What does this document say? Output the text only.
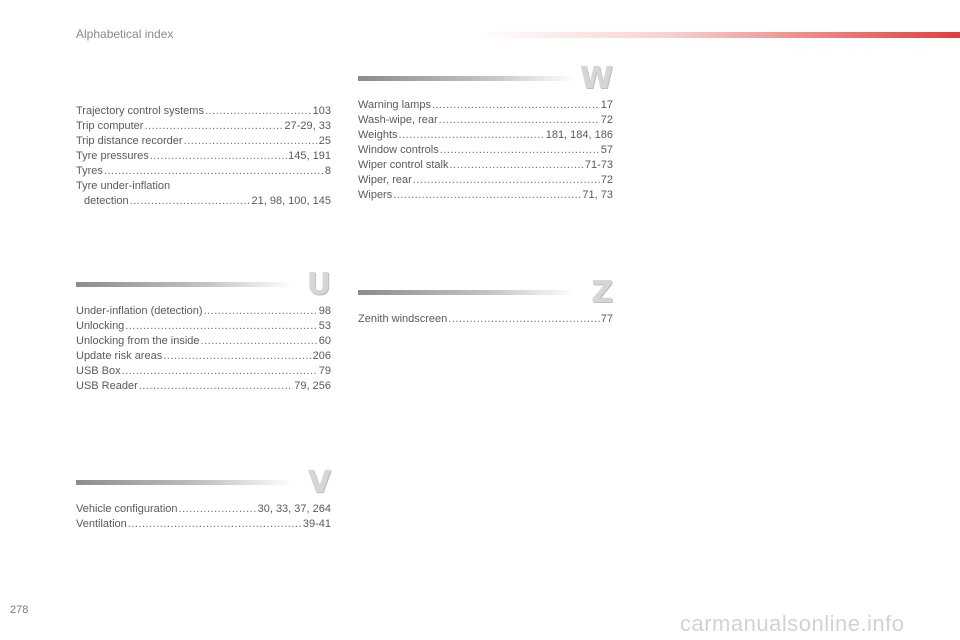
Alphabetical index
Trajectory control systems .....	103
Trip computer .....	27-29, 33
Trip distance recorder .....	25
Tyre pressures .....	145, 191
Tyres .....	8
Tyre under-inflation
detection .....	21, 98, 100, 145
U
Under-inflation (detection) .....	98
Unlocking .....	53
Unlocking from the inside .....	60
Update risk areas .....	206
USB Box .....	79
USB Reader .....	79, 256
V
Vehicle configuration .....	30, 33, 37, 264
Ventilation .....	39-41
W
Warning lamps .....	17
Wash-wipe, rear .....	72
Weights .....	181, 184, 186
Window controls .....	57
Wiper control stalk .....	71-73
Wiper, rear .....	72
Wipers .....	71, 73
Z
Zenith windscreen .....	77
278
carmanualsonline.info
